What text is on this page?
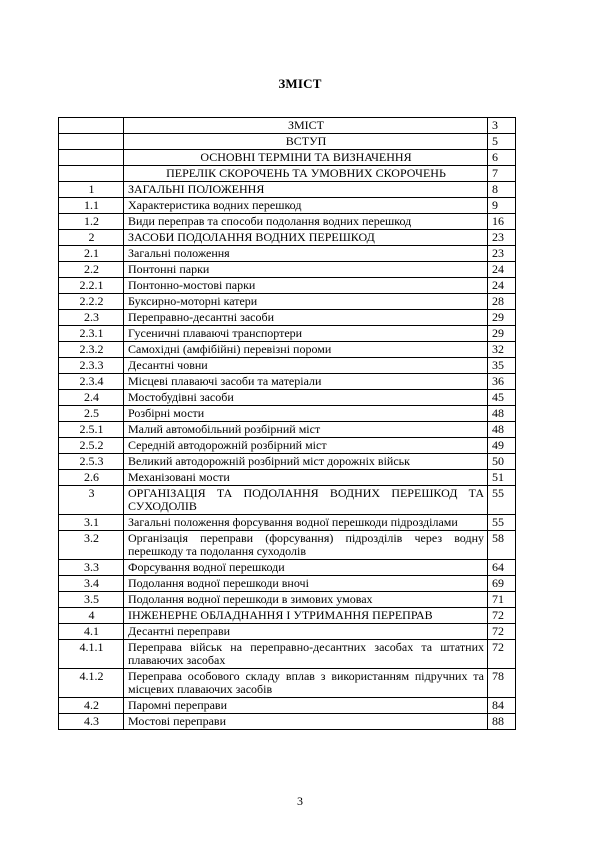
ЗМІСТ
	ЗМІСТ	3
	ВСТУП	5
	ОСНОВНІ ТЕРМІНИ ТА ВИЗНАЧЕННЯ	6
	ПЕРЕЛІК СКОРОЧЕНЬ ТА УМОВНИХ СКОРОЧЕНЬ	7
1	ЗАГАЛЬНІ ПОЛОЖЕННЯ	8
1.1	Характеристика водних перешкод	9
1.2	Види переправ та способи подолання водних перешкод	16
2	ЗАСОБИ ПОДОЛАННЯ ВОДНИХ ПЕРЕШКОД	23
2.1	Загальні положення	23
2.2	Понтонні парки	24
2.2.1	Понтонно-мостові парки	24
2.2.2	Буксирно-моторні катери	28
2.3	Переправно-десантні засоби	29
2.3.1	Гусеничні плаваючі транспортери	29
2.3.2	Самохідні (амфібійні) перевізні пороми	32
2.3.3	Десантні човни	35
2.3.4	Місцеві плаваючі засоби та матеріали	36
2.4	Мостобудівні засоби	45
2.5	Розбірні мости	48
2.5.1	Малий автомобільний розбірний міст	48
2.5.2	Середній автодорожній розбірний міст	49
2.5.3	Великий автодорожній розбірний міст дорожніх військ	50
2.6	Механізовані мости	51
3	ОРГАНІЗАЦІЯ ТА ПОДОЛАННЯ ВОДНИХ ПЕРЕШКОД ТА СУХОДОЛІВ	55
3.1	Загальні положення форсування водної перешкоди підрозділами	55
3.2	Організація переправи (форсування) підрозділів через водну перешкоду та подолання суходолів	58
3.3	Форсування водної перешкоди	64
3.4	Подолання водної перешкоди вночі	69
3.5	Подолання водної перешкоди в зимових умовах	71
4	ІНЖЕНЕРНЕ ОБЛАДНАННЯ І УТРИМАННЯ ПЕРЕПРАВ	72
4.1	Десантні переправи	72
4.1.1	Переправа військ на переправно-десантних засобах та штатних плаваючих засобах	72
4.1.2	Переправа особового складу вплав з використанням підручних та місцевих плаваючих засобів	78
4.2	Паромні переправи	84
4.3	Мостові переправи	88
3
